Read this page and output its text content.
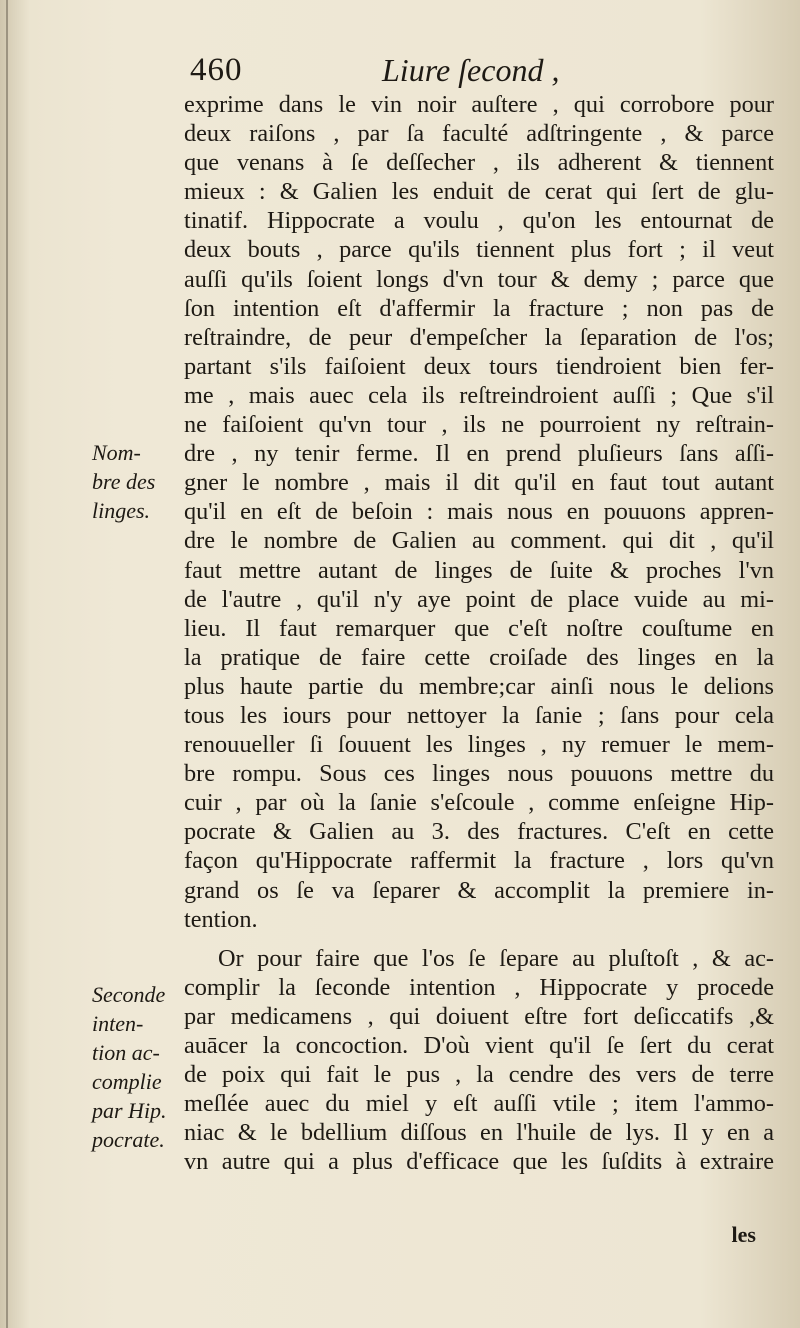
460	Liure ſecond ,
exprime dans le vin noir auſtere , qui corrobore pour
deux raiſons , par ſa faculté adſtringente , & parce
que venans à ſe deſſecher , ils adherent & tiennent
mieux : & Galien les enduit de cerat qui ſert de glu-
tinatif. Hippocrate a voulu , qu'on les entournat de
deux bouts , parce qu'ils tiennent plus fort ; il veut
auſſi qu'ils ſoient longs d'vn tour & demy ; parce que
ſon intention eſt d'affermir la fracture ; non pas de
reſtraindre, de peur d'empeſcher la ſeparation de l'os;
partant s'ils faiſoient deux tours tiendroient bien fer-
me , mais auec cela ils reſtreindroient auſſi ; Que s'il
ne faiſoient qu'vn tour , ils ne pourroient ny reſtrain-
dre , ny tenir ferme. Il en prend pluſieurs ſans aſſi-
gner le nombre , mais il dit qu'il en faut tout autant
qu'il en eſt de beſoin : mais nous en pouuons appren-
dre le nombre de Galien au comment. qui dit , qu'il
faut mettre autant de linges de ſuite & proches l'vn
de l'autre , qu'il n'y aye point de place vuide au mi-
lieu. Il faut remarquer que c'eſt noſtre couſtume en
la pratique de faire cette croiſade des linges en la
plus haute partie du membre;car ainſi nous le delions
tous les iours pour nettoyer la ſanie ; ſans pour cela
renouueller ſi ſouuent les linges , ny remuer le mem-
bre rompu. Sous ces linges nous pouuons mettre du
cuir , par où la ſanie s'eſcoule , comme enſeigne Hip-
pocrate & Galien au 3. des fractures. C'eſt en cette
façon qu'Hippocrate raffermit la fracture , lors qu'vn
grand os ſe va ſeparer & accomplit la premiere in-
tention.
Or pour faire que l'os ſe ſepare au pluſtoſt , & ac-
complir la ſeconde intention , Hippocrate y procede
par medicamens , qui doiuent eſtre fort deſiccatifs ,&
auācer la concoction. D'où vient qu'il ſe ſert du cerat
de poix qui fait le pus , la cendre des vers de terre
meſlée auec du miel y eſt auſſi vtile ; item l'ammo-
niac & le bdellium diſſous en l'huile de lys. Il y en a
vn autre qui a plus d'efficace que les ſuſdits à extraire
Nom-
bre des
linges.
Seconde
inten-
tion ac-
complie
par Hip.
pocrate.
les
